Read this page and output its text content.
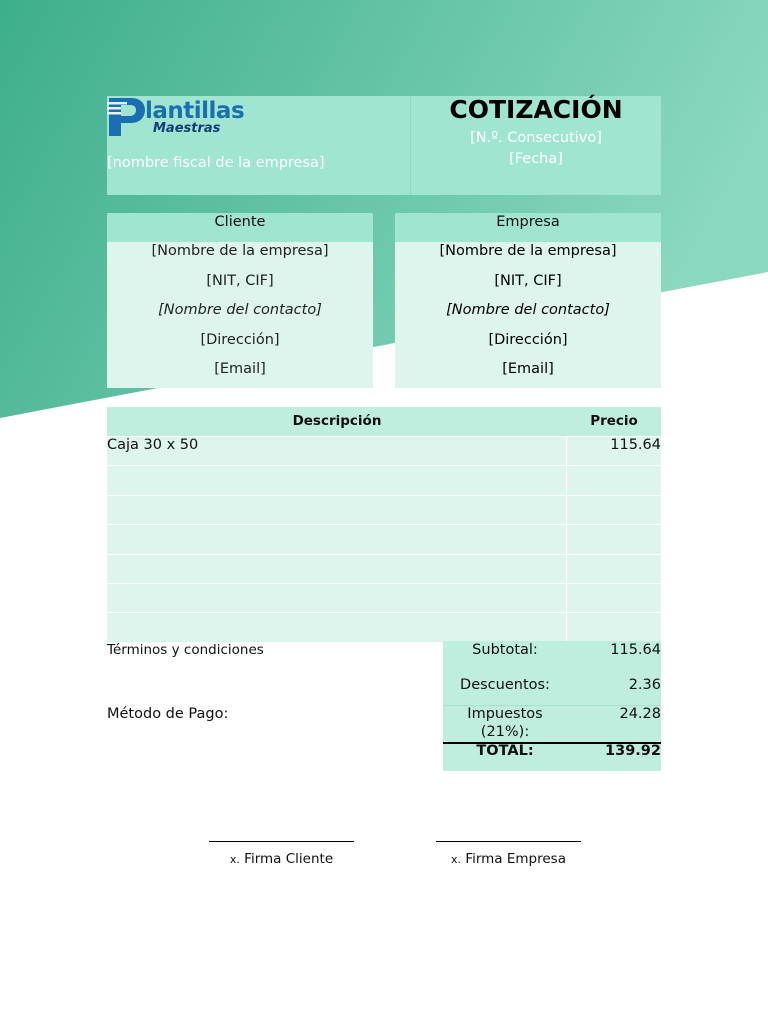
lantillas
Maestras
[nombre fiscal de la empresa]
COTIZACIÓN
[N.º. Consecutivo]
[Fecha]
Cliente
[Nombre de la empresa]
[NIT, CIF]
[Nombre del contacto]
[Dirección]
[Email]
Empresa
[Nombre de la empresa]
[NIT, CIF]
[Nombre del contacto]
[Dirección]
[Email]
Descripción	Precio
Caja 30 x 50	115.64
Términos y condiciones
Método de Pago:
Subtotal:	115.64
Descuentos:	2.36
Impuestos	24.28
(21%):
TOTAL:	139.92
x. Firma Cliente	x. Firma Empresa
